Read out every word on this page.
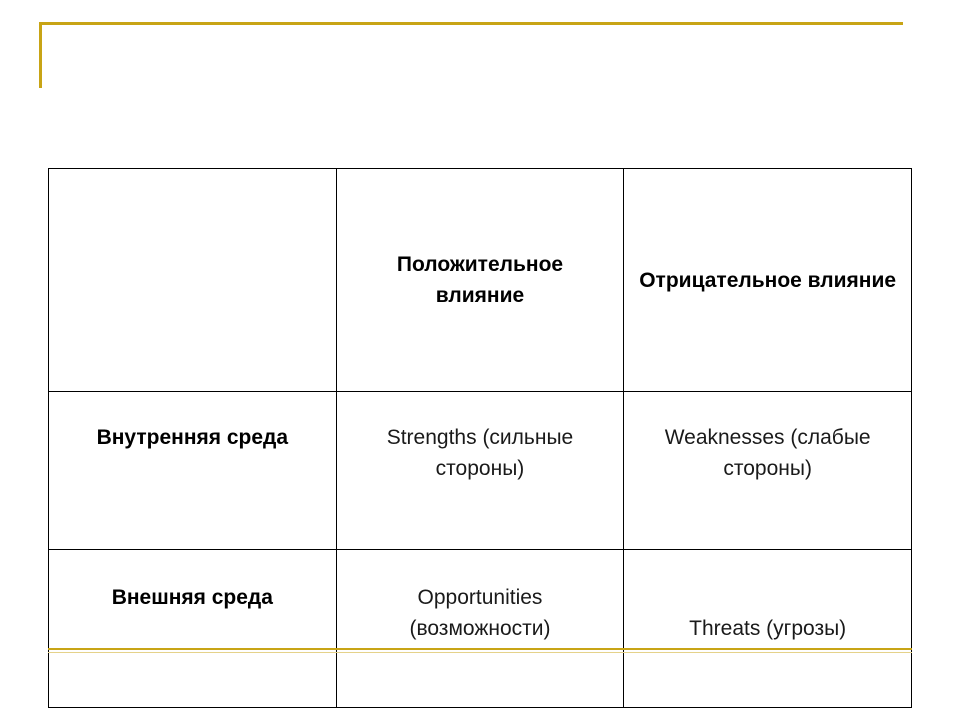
	Положительное влияние	Отрицательное влияние
Внутренняя среда	Strengths (сильные стороны)	Weaknesses (слабые стороны)
Внешняя среда	Opportunities (возможности)	Threats (угрозы)
